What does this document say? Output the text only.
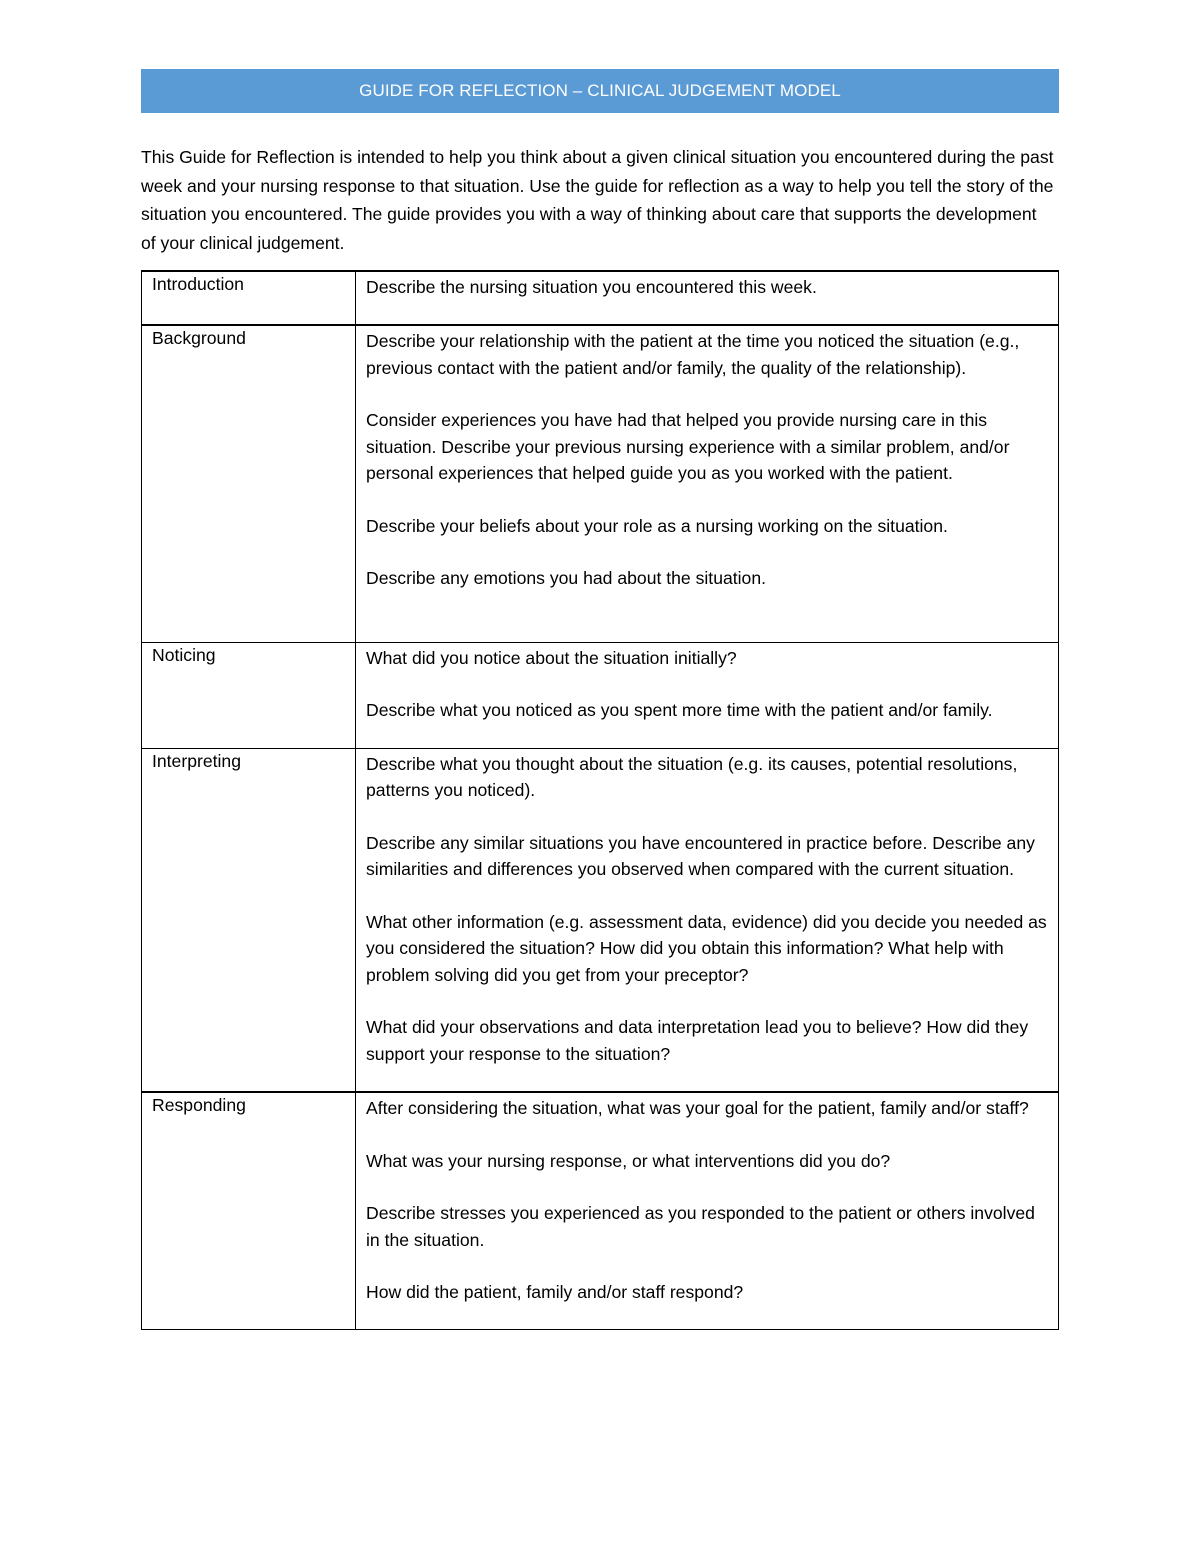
GUIDE FOR REFLECTION – CLINICAL JUDGEMENT MODEL

This Guide for Reflection is intended to help you think about a given clinical situation you encountered during the past week and your nursing response to that situation. Use the guide for reflection as a way to help you tell the story of the situation you encountered. The guide provides you with a way of thinking about care that supports the development of your clinical judgement.

Introduction	Describe the nursing situation you encountered this week.

Background	Describe your relationship with the patient at the time you noticed the situation (e.g., previous contact with the patient and/or family, the quality of the relationship).

Consider experiences you have had that helped you provide nursing care in this situation. Describe your previous nursing experience with a similar problem, and/or personal experiences that helped guide you as you worked with the patient.

Describe your beliefs about your role as a nursing working on the situation.

Describe any emotions you had about the situation.

Noticing	What did you notice about the situation initially?

Describe what you noticed as you spent more time with the patient and/or family.

Interpreting	Describe what you thought about the situation (e.g. its causes, potential resolutions, patterns you noticed).

Describe any similar situations you have encountered in practice before. Describe any similarities and differences you observed when compared with the current situation.

What other information (e.g. assessment data, evidence) did you decide you needed as you considered the situation? How did you obtain this information? What help with problem solving did you get from your preceptor?

What did your observations and data interpretation lead you to believe? How did they support your response to the situation?

Responding	After considering the situation, what was your goal for the patient, family and/or staff?

What was your nursing response, or what interventions did you do?

Describe stresses you experienced as you responded to the patient or others involved in the situation.

How did the patient, family and/or staff respond?
